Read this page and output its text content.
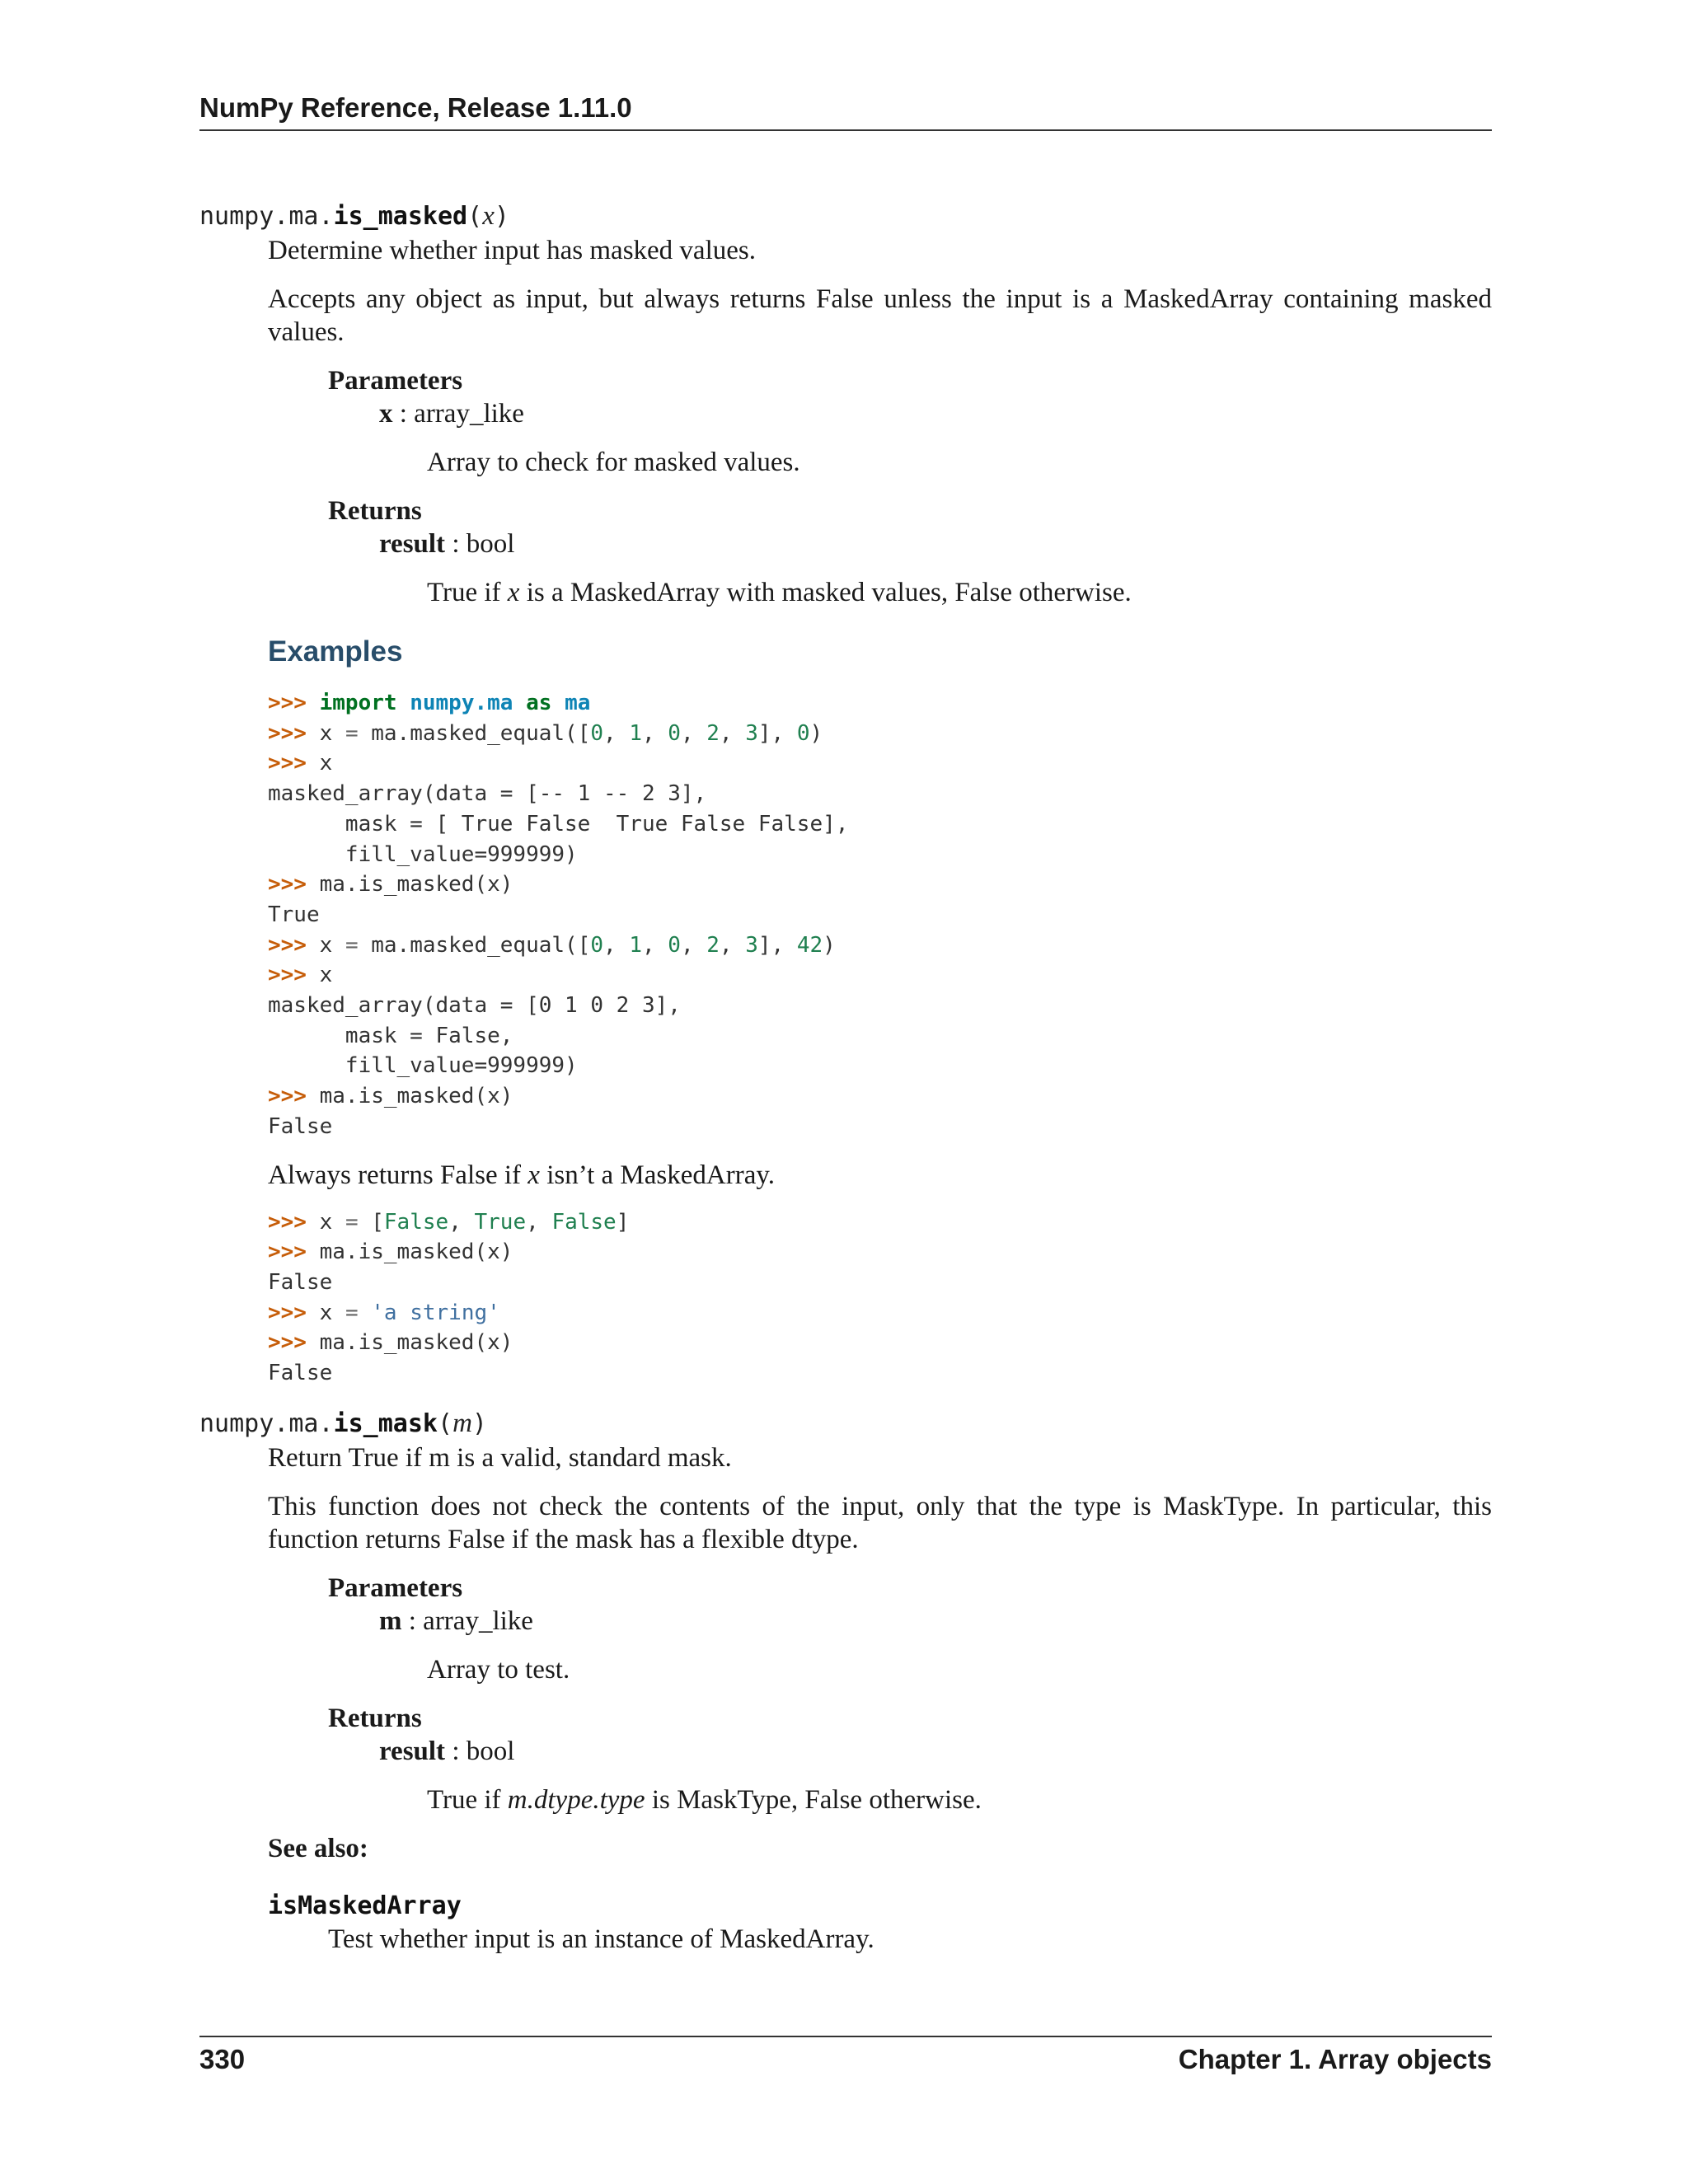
NumPy Reference, Release 1.11.0
numpy.ma.is_masked(x)

Determine whether input has masked values.

Accepts any object as input, but always returns False unless the input is a MaskedArray containing masked values.

Parameters
x : array_like
Array to check for masked values.
Returns
result : bool
True if x is a MaskedArray with masked values, False otherwise.
Examples
>>> import numpy.ma as ma
>>> x = ma.masked_equal([0, 1, 0, 2, 3], 0)
>>> x
masked_array(data = [-- 1 -- 2 3],
mask = [ True False  True False False],
fill_value=999999)
>>> ma.is_masked(x)
True
>>> x = ma.masked_equal([0, 1, 0, 2, 3], 42)
>>> x
masked_array(data = [0 1 0 2 3],
mask = False,
fill_value=999999)
>>> ma.is_masked(x)
False

Always returns False if x isn’t a MaskedArray.

>>> x = [False, True, False]
>>> ma.is_masked(x)
False
>>> x = 'a string'
>>> ma.is_masked(x)
False
numpy.ma.is_mask(m)

Return True if m is a valid, standard mask.

This function does not check the contents of the input, only that the type is MaskType. In particular, this function returns False if the mask has a flexible dtype.

Parameters
m : array_like
Array to test.
Returns
result : bool
True if m.dtype.type is MaskType, False otherwise.
See also:
isMaskedArray
Test whether input is an instance of MaskedArray.
330	Chapter 1. Array objects
